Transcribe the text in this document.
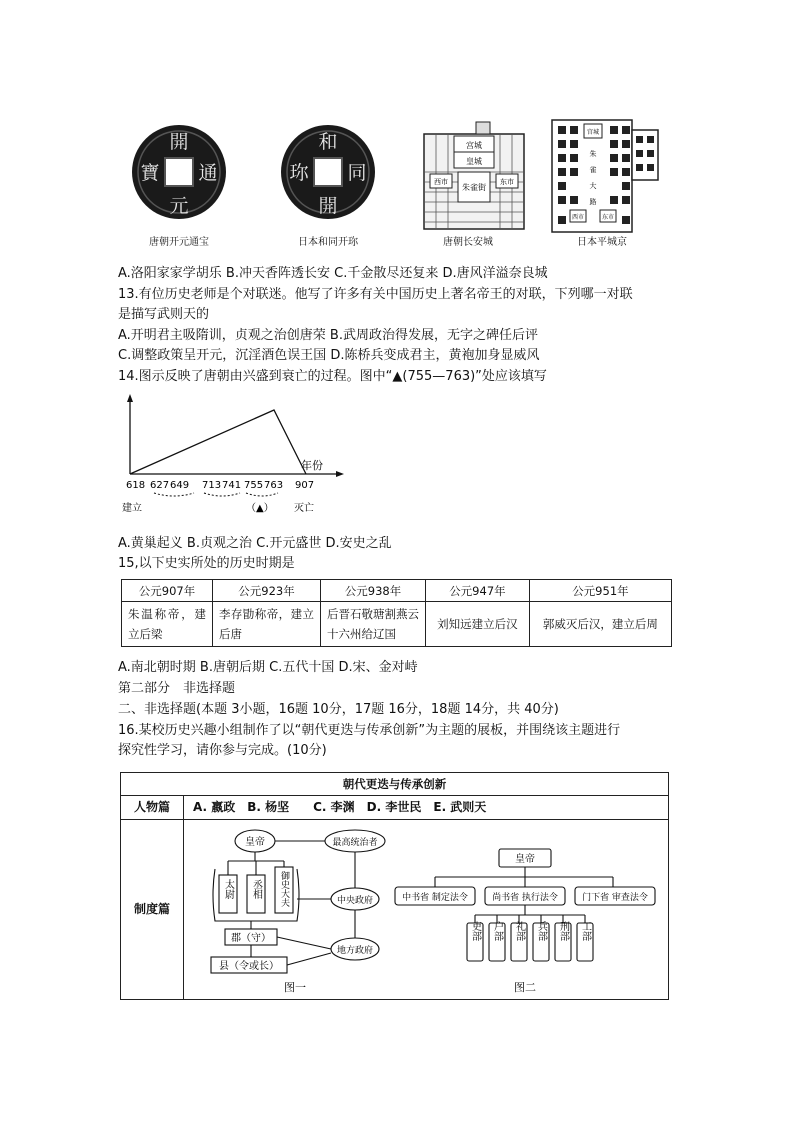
開
元
通
寶
和
同
開
珎
宫城
皇城
西市
朱雀街
东市
宫城
朱
雀
大
路
西市	东市
唐朝开元通宝	日本和同开珎	唐朝长安城	日本平城京
A.洛阳家家学胡乐 B.冲天香阵透长安 C.千金散尽还复来 D.唐风洋溢奈良城
13.有位历史老师是个对联迷。他写了许多有关中国历史上著名帝王的对联，下列哪一对联
是描写武则天的
A.开明君主吸隋训，贞观之治创唐荣 B.武周政治得发展，无字之碑任后评
C.调整政策呈开元，沉淫酒色误王国 D.陈桥兵变成君主，黄袍加身显威风
14.图示反映了唐朝由兴盛到衰亡的过程。图中“▲(755—763)”处应该填写
年份
618 627 649 713 741 755 763 907
（▲）
建立	灭亡
A.黄巢起义 B.贞观之治 C.开元盛世 D.安史之乱
15,以下史实所处的历史时期是
公元907年	公元923年	公元938年	公元947年	公元951年
朱温称帝，建立后梁	李存勖称帝，建立后唐	后晋石敬瑭割燕云十六州给辽国	刘知远建立后汉	郭威灭后汉，建立后周
A.南北朝时期 B.唐朝后期 C.五代十国 D.宋、金对峙
第二部分　非选择题
二、非选择题(本题 3小题，16题 10分，17题 16分，18题 14分，共 40分)
16.某校历史兴趣小组制作了以“朝代更迭与传承创新”为主题的展板，并围绕该主题进行
探究性学习，请你参与完成。(10分)
朝代更迭与传承创新
人物篇	A. 嬴政　B. 杨坚　　C. 李渊　D. 李世民　E. 武则天
制度篇
皇帝	最高统治者
中央政府
地方政府
太尉 丞相 御史大夫
郡（守）
县（令或长）
图一
皇帝
中书省 制定法令	尚书省 执行法令	门下省 审查法令
吏部 户部 礼部 兵部 刑部 工部
图二
